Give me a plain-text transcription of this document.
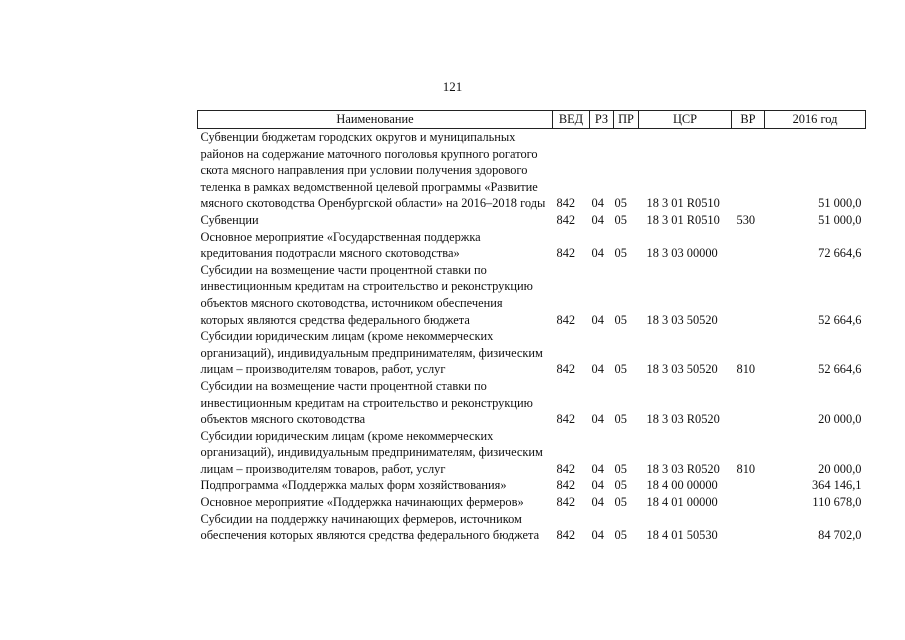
121
Наименование	ВЕД	РЗ	ПР	ЦСР	ВР	2016 год
Субвенции бюджетам городских округов и муниципальных районов на содержание маточного поголовья крупного рогатого скота мясного направления при условии получения здорового теленка в рамках ведомственной целевой программы «Развитие мясного скотоводства Оренбургской области» на 2016–2018 годы	842	04	05	18 3 01 R0510		51 000,0
Субвенции	842	04	05	18 3 01 R0510	530	51 000,0
Основное мероприятие «Государственная поддержка кредитования подотрасли мясного скотоводства»	842	04	05	18 3 03 00000		72 664,6
Субсидии на возмещение части процентной ставки по инвестиционным кредитам на строительство и реконструкцию объектов мясного скотоводства, источником обеспечения которых являются средства федерального бюджета	842	04	05	18 3 03 50520		52 664,6
Субсидии юридическим лицам (кроме некоммерческих организаций), индивидуальным предпринимателям, физическим лицам – производителям товаров, работ, услуг	842	04	05	18 3 03 50520	810	52 664,6
Субсидии на возмещение части процентной ставки по инвестиционным кредитам на строительство и реконструкцию объектов мясного скотоводства	842	04	05	18 3 03 R0520		20 000,0
Субсидии юридическим лицам (кроме некоммерческих организаций), индивидуальным предпринимателям, физическим лицам – производителям товаров, работ, услуг	842	04	05	18 3 03 R0520	810	20 000,0
Подпрограмма «Поддержка малых форм хозяйствования»	842	04	05	18 4 00 00000		364 146,1
Основное мероприятие «Поддержка начинающих фермеров»	842	04	05	18 4 01 00000		110 678,0
Субсидии на поддержку начинающих фермеров, источником обеспечения которых являются средства федерального бюджета	842	04	05	18 4 01 50530		84 702,0
